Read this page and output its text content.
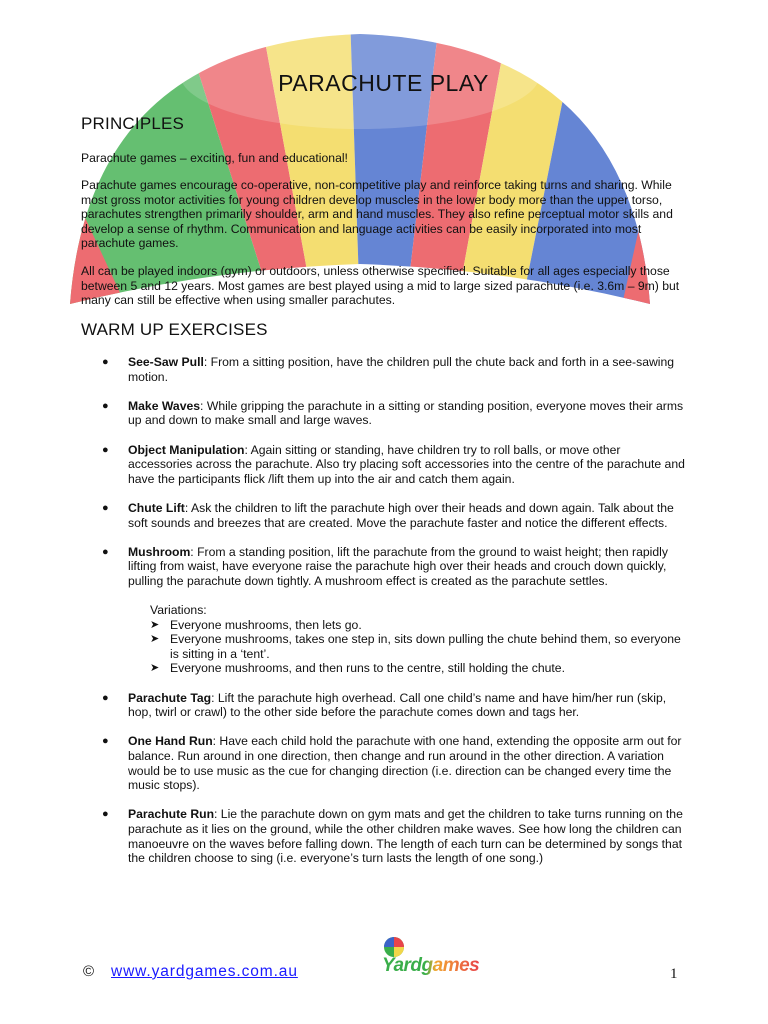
PARACHUTE PLAY
PRINCIPLES

Parachute games – exciting, fun and educational!

Parachute games encourage co-operative, non-competitive play and reinforce taking turns and sharing. While most gross motor activities for young children develop muscles in the lower body more than the upper torso, parachutes strengthen primarily shoulder, arm and hand muscles. They also refine perceptual motor skills and develop a sense of rhythm. Communication and language activities can be easily incorporated into most parachute games.

All can be played indoors (gym) or outdoors, unless otherwise specified. Suitable for all ages especially those between 5 and 12 years. Most games are best played using a mid to large sized parachute (i.e. 3.6m – 9m) but many can still be effective when using smaller parachutes.

WARM UP EXERCISES
● See-Saw Pull: From a sitting position, have the children pull the chute back and forth in a see-sawing motion.
● Make Waves: While gripping the parachute in a sitting or standing position, everyone moves their arms up and down to make small and large waves.
● Object Manipulation: Again sitting or standing, have children try to roll balls, or move other accessories across the parachute. Also try placing soft accessories into the centre of the parachute and have the participants flick /lift them up into the air and catch them again.
● Chute Lift: Ask the children to lift the parachute high over their heads and down again. Talk about the soft sounds and breezes that are created. Move the parachute faster and notice the different effects.
● Mushroom: From a standing position, lift the parachute from the ground to waist height; then rapidly lifting from waist, have everyone raise the parachute high over their heads and crouch down quickly, pulling the parachute down tightly. A mushroom effect is created as the parachute settles.
Variations:
➤ Everyone mushrooms, then lets go.
➤ Everyone mushrooms, takes one step in, sits down pulling the chute behind them, so everyone is sitting in a ‘tent’.
➤ Everyone mushrooms, and then runs to the centre, still holding the chute.
● Parachute Tag: Lift the parachute high overhead. Call one child’s name and have him/her run (skip, hop, twirl or crawl) to the other side before the parachute comes down and tags her.
● One Hand Run: Have each child hold the parachute with one hand, extending the opposite arm out for balance. Run around in one direction, then change and run around in the other direction. A variation would be to use music as the cue for changing direction (i.e. direction can be changed every time the music stops).
● Parachute Run: Lie the parachute down on gym mats and get the children to take turns running on the parachute as it lies on the ground, while the other children make waves. See how long the children can manoeuvre on the waves before falling down. The length of each turn can be determined by songs that the children choose to sing (i.e. everyone’s turn lasts the length of one song.)
© www.yardgames.com.au	Yardgames	1
